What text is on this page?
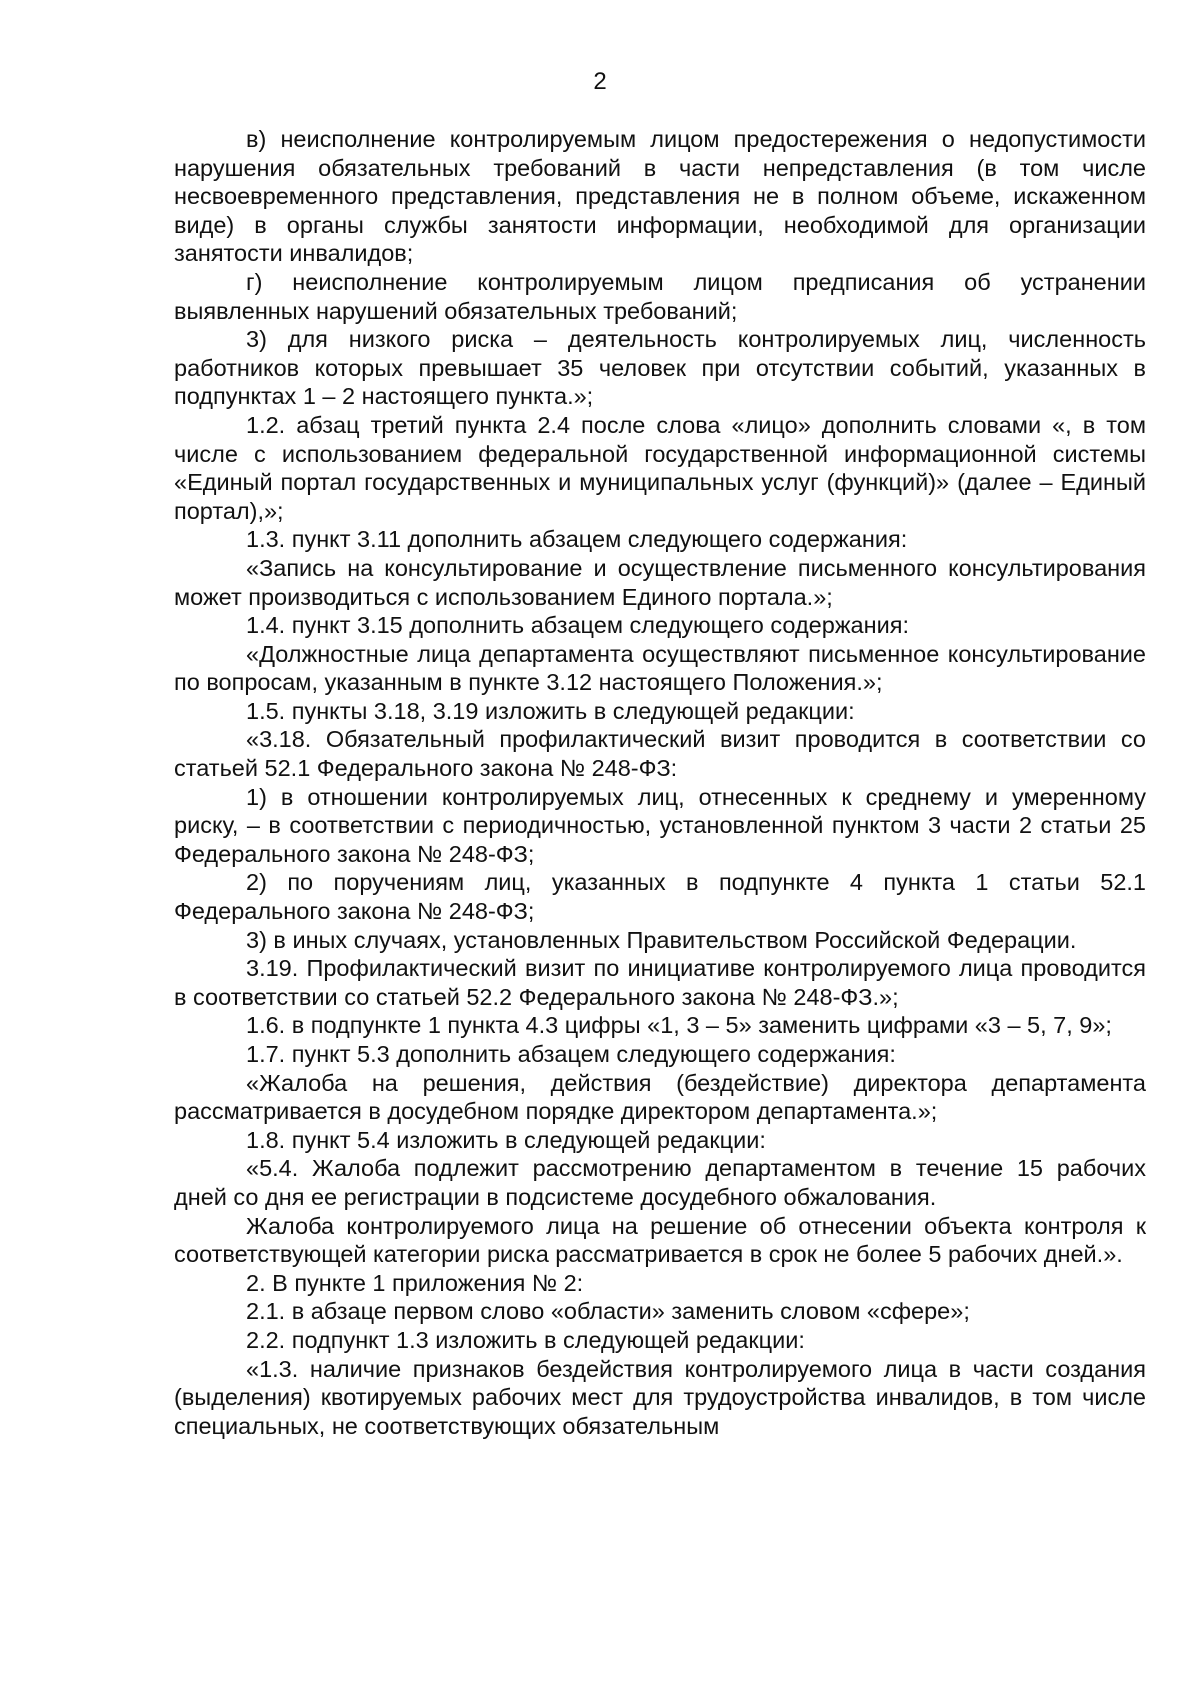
2

в) неисполнение контролируемым лицом предостережения о недопустимости нарушения обязательных требований в части непредставления (в том числе несвоевременного представления, представления не в полном объеме, искаженном виде) в органы службы занятости информации, необходимой для организации занятости инвалидов;

г) неисполнение контролируемым лицом предписания об устранении выявленных нарушений обязательных требований;

3) для низкого риска – деятельность контролируемых лиц, численность работников которых превышает 35 человек при отсутствии событий, указанных в подпунктах 1 – 2 настоящего пункта.»;

1.2. абзац третий пункта 2.4 после слова «лицо» дополнить словами «, в том числе с использованием федеральной государственной информационной системы «Единый портал государственных и муниципальных услуг (функций)» (далее – Единый портал),»;

1.3. пункт 3.11 дополнить абзацем следующего содержания:

«Запись на консультирование и осуществление письменного консультирования может производиться с использованием Единого портала.»;

1.4. пункт 3.15 дополнить абзацем следующего содержания:

«Должностные лица департамента осуществляют письменное консультирование по вопросам, указанным в пункте 3.12 настоящего Положения.»;

1.5. пункты 3.18, 3.19 изложить в следующей редакции:

«3.18. Обязательный профилактический визит проводится в соответствии со статьей 52.1 Федерального закона № 248-ФЗ:

1) в отношении контролируемых лиц, отнесенных к среднему и умеренному риску, – в соответствии с периодичностью, установленной пунктом 3 части 2 статьи 25 Федерального закона № 248-ФЗ;

2) по поручениям лиц, указанных в подпункте 4 пункта 1 статьи 52.1 Федерального закона № 248-ФЗ;

3) в иных случаях, установленных Правительством Российской Федерации.

3.19. Профилактический визит по инициативе контролируемого лица проводится в соответствии со статьей 52.2 Федерального закона № 248-ФЗ.»;

1.6. в подпункте 1 пункта 4.3 цифры «1, 3 – 5» заменить цифрами «3 – 5, 7, 9»;

1.7. пункт 5.3 дополнить абзацем следующего содержания:

«Жалоба на решения, действия (бездействие) директора департамента рассматривается в досудебном порядке директором департамента.»;

1.8. пункт 5.4 изложить в следующей редакции:

«5.4. Жалоба подлежит рассмотрению департаментом в течение 15 рабочих дней со дня ее регистрации в подсистеме досудебного обжалования.

Жалоба контролируемого лица на решение об отнесении объекта контроля к соответствующей категории риска рассматривается в срок не более 5 рабочих дней.».

2. В пункте 1 приложения № 2:

2.1. в абзаце первом слово «области» заменить словом «сфере»;

2.2. подпункт 1.3 изложить в следующей редакции:

«1.3. наличие признаков бездействия контролируемого лица в части создания (выделения) квотируемых рабочих мест для трудоустройства инвалидов, в том числе специальных, не соответствующих обязательным
